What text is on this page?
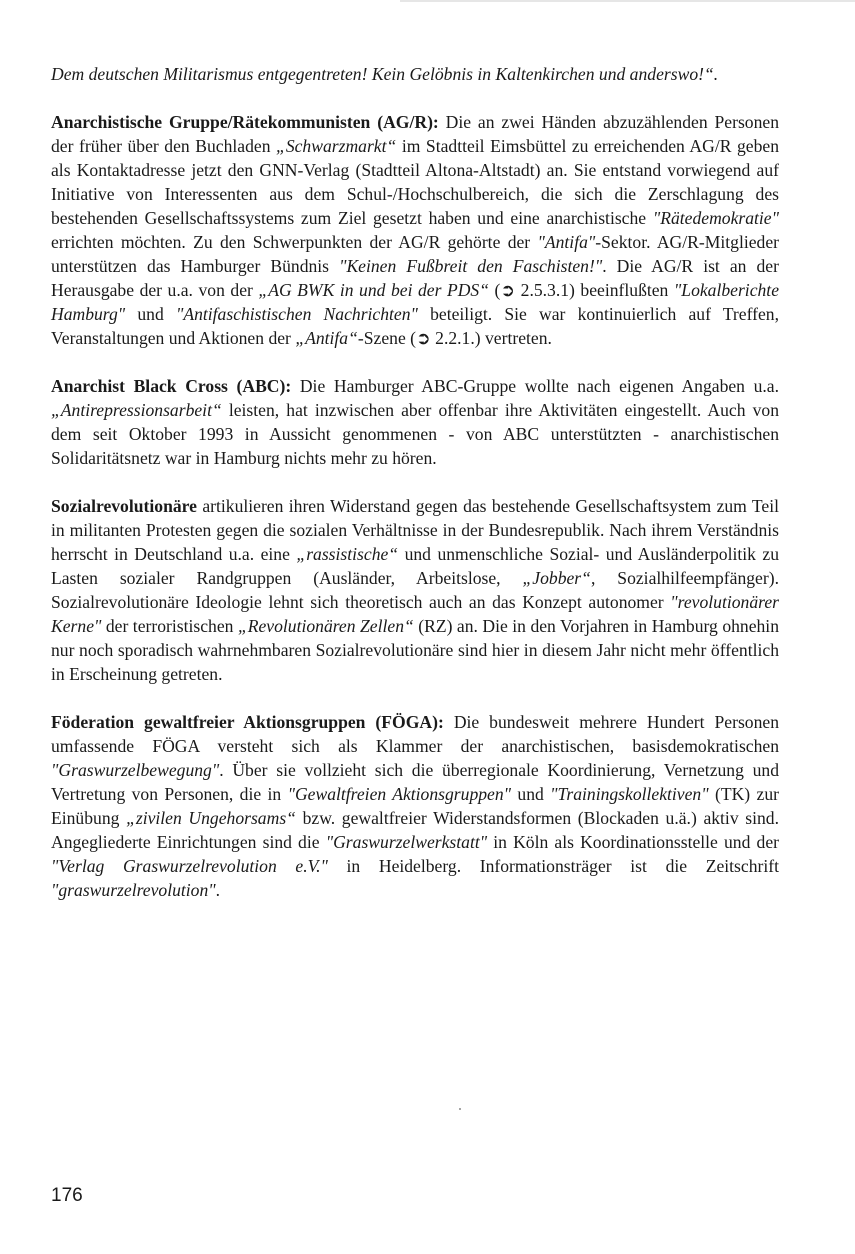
Dem deutschen Militarismus entgegentreten! Kein Gelöbnis in Kaltenkirchen und anderswo!“.

Anarchistische Gruppe/Rätekommunisten (AG/R): Die an zwei Händen abzuzählenden Personen der früher über den Buchladen „Schwarzmarkt“ im Stadtteil Eimsbüttel zu erreichenden AG/R geben als Kontaktadresse jetzt den GNN-Verlag (Stadtteil Altona-Altstadt) an. Sie entstand vorwiegend auf Initiative von Interessenten aus dem Schul-/Hochschulbereich, die sich die Zerschlagung des bestehenden Gesellschaftssystems zum Ziel gesetzt haben und eine anarchistische "Rätedemokratie" errichten möchten. Zu den Schwerpunkten der AG/R gehörte der "Antifa"-Sektor. AG/R-Mitglieder unterstützen das Hamburger Bündnis "Keinen Fußbreit den Faschisten!". Die AG/R ist an der Herausgabe der u.a. von der „AG BWK in und bei der PDS“ (➲ 2.5.3.1) beeinflußten "Lokalberichte Hamburg" und "Antifaschistischen Nachrichten" beteiligt. Sie war kontinuierlich auf Treffen, Veranstaltungen und Aktionen der „Antifa“-Szene (➲ 2.2.1.) vertreten.

Anarchist Black Cross (ABC): Die Hamburger ABC-Gruppe wollte nach eigenen Angaben u.a. „Antirepressionsarbeit“ leisten, hat inzwischen aber offenbar ihre Aktivitäten eingestellt. Auch von dem seit Oktober 1993 in Aussicht genommenen - von ABC unterstützten - anarchistischen Solidaritätsnetz war in Hamburg nichts mehr zu hören.

Sozialrevolutionäre artikulieren ihren Widerstand gegen das bestehende Gesellschaftsystem zum Teil in militanten Protesten gegen die sozialen Verhältnisse in der Bundesrepublik. Nach ihrem Verständnis herrscht in Deutschland u.a. eine „rassistische“ und unmenschliche Sozial- und Ausländerpolitik zu Lasten sozialer Randgruppen (Ausländer, Arbeitslose, „Jobber“, Sozialhilfeempfänger). Sozialrevolutionäre Ideologie lehnt sich theoretisch auch an das Konzept autonomer "revolutionärer Kerne" der terroristischen „Revolutionären Zellen“ (RZ) an. Die in den Vorjahren in Hamburg ohnehin nur noch sporadisch wahrnehmbaren Sozialrevolutionäre sind hier in diesem Jahr nicht mehr öffentlich in Erscheinung getreten.

Föderation gewaltfreier Aktionsgruppen (FÖGA): Die bundesweit mehrere Hundert Personen umfassende FÖGA versteht sich als Klammer der anarchistischen, basisdemokratischen "Graswurzelbewegung". Über sie vollzieht sich die überregionale Koordinierung, Vernetzung und Vertretung von Personen, die in "Gewaltfreien Aktionsgruppen" und "Trainingskollektiven" (TK) zur Einübung „zivilen Ungehorsams“ bzw. gewaltfreier Widerstandsformen (Blockaden u.ä.) aktiv sind. Angegliederte Einrichtungen sind die "Graswurzelwerkstatt" in Köln als Koordinationsstelle und der "Verlag Graswurzelrevolution e.V." in Heidelberg. Informationsträger ist die Zeitschrift "graswurzelrevolution".

176
